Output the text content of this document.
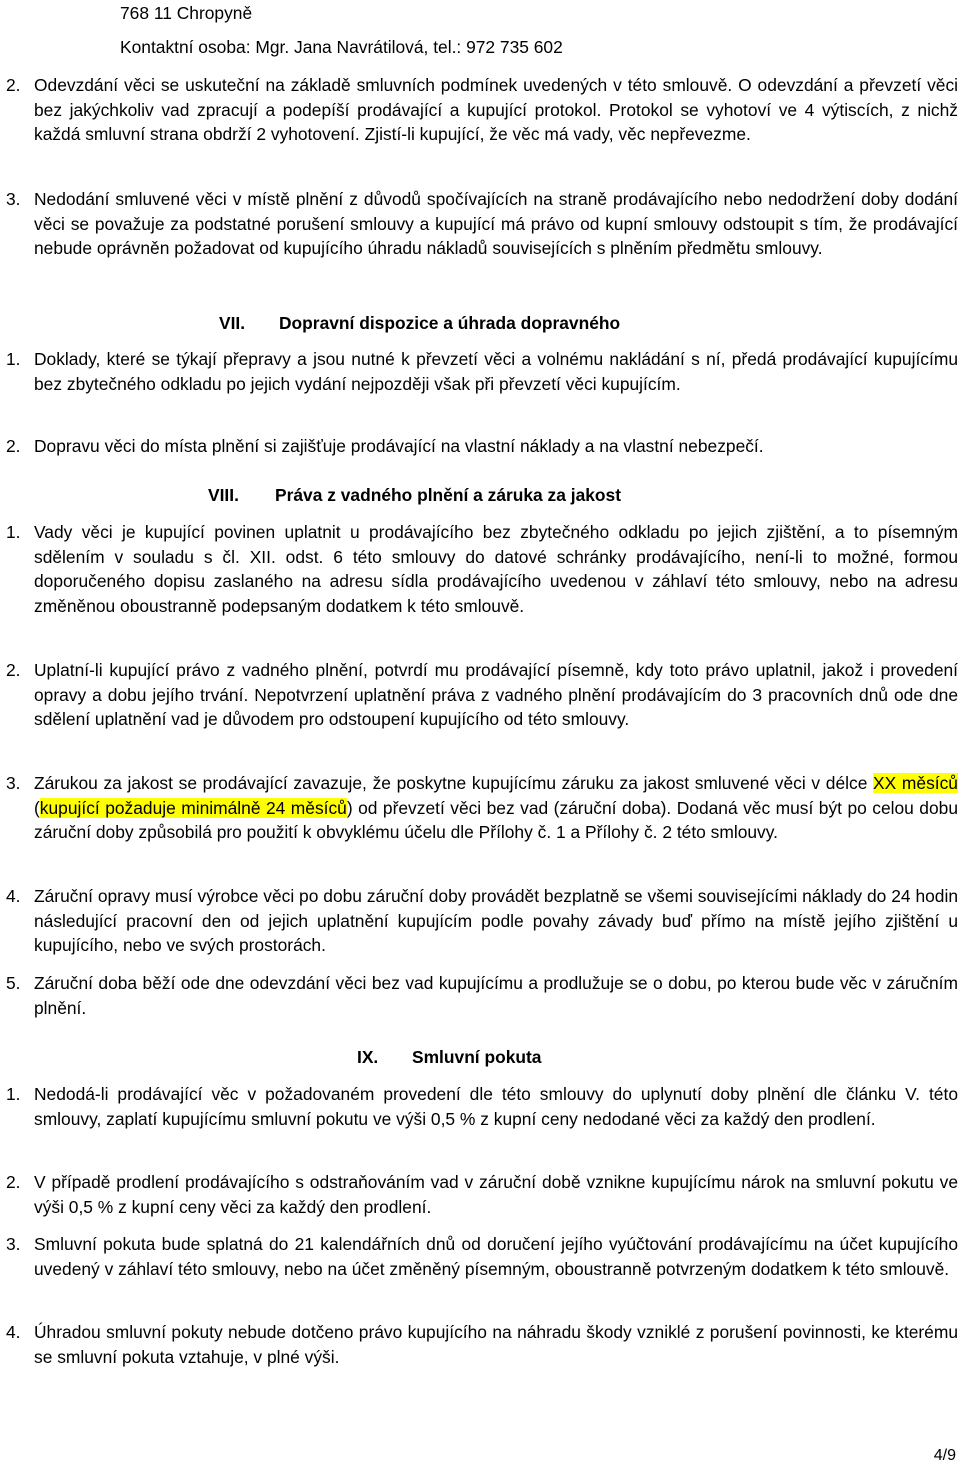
768 11 Chropyně
Kontaktní osoba: Mgr. Jana Navrátilová, tel.: 972 735 602
2. Odevzdání věci se uskuteční na základě smluvních podmínek uvedených v této smlouvě. O odevzdání a převzetí věci bez jakýchkoliv vad zpracují a podepíší prodávající a kupující protokol. Protokol se vyhotoví ve 4 výtiscích, z nichž každá smluvní strana obdrží 2 vyhotovení. Zjistí-li kupující, že věc má vady, věc nepřevezme.
3. Nedodání smluvené věci v místě plnění z důvodů spočívajících na straně prodávajícího nebo nedodržení doby dodání věci se považuje za podstatné porušení smlouvy a kupující má právo od kupní smlouvy odstoupit s tím, že prodávající nebude oprávněn požadovat od kupujícího úhradu nákladů souvisejících s plněním předmětu smlouvy.
VII. Dopravní dispozice a úhrada dopravného
1. Doklady, které se týkají přepravy a jsou nutné k převzetí věci a volnému nakládání s ní, předá prodávající kupujícímu bez zbytečného odkladu po jejich vydání nejpozději však při převzetí věci kupujícím.
2. Dopravu věci do místa plnění si zajišťuje prodávající na vlastní náklady a na vlastní nebezpečí.
VIII. Práva z vadného plnění a záruka za jakost
1. Vady věci je kupující povinen uplatnit u prodávajícího bez zbytečného odkladu po jejich zjištění, a to písemným sdělením v souladu s čl. XII. odst. 6 této smlouvy do datové schránky prodávajícího, není-li to možné, formou doporučeného dopisu zaslaného na adresu sídla prodávajícího uvedenou v záhlaví této smlouvy, nebo na adresu změněnou oboustranně podepsaným dodatkem k této smlouvě.
2. Uplatní-li kupující právo z vadného plnění, potvrdí mu prodávající písemně, kdy toto právo uplatnil, jakož i provedení opravy a dobu jejího trvání. Nepotvrzení uplatnění práva z vadného plnění prodávajícím do 3 pracovních dnů ode dne sdělení uplatnění vad je důvodem pro odstoupení kupujícího od této smlouvy.
3. Zárukou za jakost se prodávající zavazuje, že poskytne kupujícímu záruku za jakost smluvené věci v délce XX měsíců (kupující požaduje minimálně 24 měsíců) od převzetí věci bez vad (záruční doba). Dodaná věc musí být po celou dobu záruční doby způsobilá pro použití k obvyklému účelu dle Přílohy č. 1 a Přílohy č. 2 této smlouvy.
4. Záruční opravy musí výrobce věci po dobu záruční doby provádět bezplatně se všemi souvisejícími náklady do 24 hodin následující pracovní den od jejich uplatnění kupujícím podle povahy závady buď přímo na místě jejího zjištění u kupujícího, nebo ve svých prostorách.
5. Záruční doba běží ode dne odevzdání věci bez vad kupujícímu a prodlužuje se o dobu, po kterou bude věc v záručním plnění.
IX. Smluvní pokuta
1. Nedodá-li prodávající věc v požadovaném provedení dle této smlouvy do uplynutí doby plnění dle článku V. této smlouvy, zaplatí kupujícímu smluvní pokutu ve výši 0,5 % z kupní ceny nedodané věci za každý den prodlení.
2. V případě prodlení prodávajícího s odstraňováním vad v záruční době vznikne kupujícímu nárok na smluvní pokutu ve výši 0,5 % z kupní ceny věci za každý den prodlení.
3. Smluvní pokuta bude splatná do 21 kalendářních dnů od doručení jejího vyúčtování prodávajícímu na účet kupujícího uvedený v záhlaví této smlouvy, nebo na účet změněný písemným, oboustranně potvrzeným dodatkem k této smlouvě.
4. Úhradou smluvní pokuty nebude dotčeno právo kupujícího na náhradu škody vzniklé z porušení povinnosti, ke kterému se smluvní pokuta vztahuje, v plné výši.
4/9
